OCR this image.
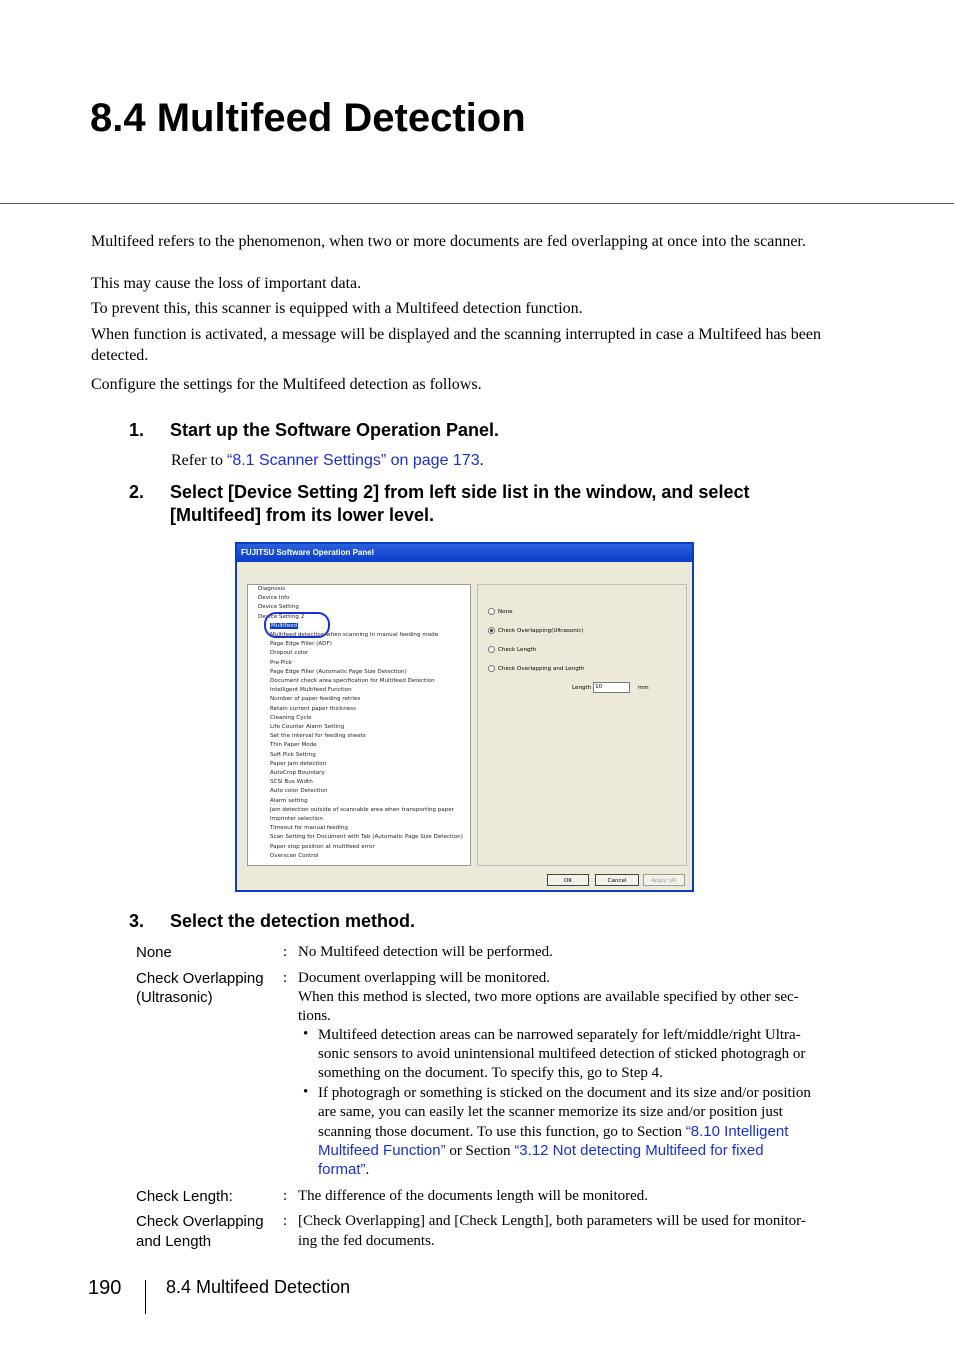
8.4 Multifeed Detection
Multifeed refers to the phenomenon, when two or more documents are fed overlapping at once into the scanner.
This may cause the loss of important data.
To prevent this, this scanner is equipped with a Multifeed detection function.
When function is activated, a message will be displayed and the scanning interrupted in case a Multifeed has been detected.
Configure the settings for the Multifeed detection as follows.
1. Start up the Software Operation Panel.
Refer to “8.1 Scanner Settings” on page 173.
2. Select [Device Setting 2] from left side list in the window, and select [Multifeed] from its lower level.
FUJITSU Software Operation Panel
Diagnosis
Device Info
Device Setting
Device Setting 2
Multifeed
Multifeed detection when scanning in manual feeding mode
Page Edge Filler (ADF)
Dropout color
Pre-Pick
Page Edge Filler (Automatic Page Size Detection)
Document check area specification for Multifeed Detection
Intelligent Multifeed Function
Number of paper feeding retries
Retain current paper thickness
Cleaning Cycle
Life Counter Alarm Setting
Set the interval for feeding sheets
Thin Paper Mode
Soft Pick Setting
Paper jam detection
AutoCrop Boundary
SCSI Bus Width
Auto color Detection
Alarm setting
Jam detection outside of scannable area when transporting paper
Imprinter selection
Timeout for manual feeding
Scan Setting for Document with Tab (Automatic Page Size Detection)
Paper stop position at multifeed error
Overscan Control
None
Check Overlapping(Ultrasonic)
Check Length
Check Overlapping and Length
Length 10	mm
OK	Cancel	Apply (A)
3. Select the detection method.
None	: No Multifeed detection will be performed.
Check Overlapping
(Ultrasonic)
: Document overlapping will be monitored.
When this method is slected, two more options are available specified by other sec-
tions.
• Multifeed detection areas can be narrowed separately for left/middle/right Ultra-
sonic sensors to avoid unintensional multifeed detection of sticked photogragh or
something on the document. To specify this, go to Step 4.
• If photogragh or something is sticked on the document and its size and/or position
are same, you can easily let the scanner memorize its size and/or position just
scanning those document. To use this function, go to Section “8.10 Intelligent
Multifeed Function” or Section “3.12 Not detecting Multifeed for fixed
format”.
Check Length:	: The difference of the documents length will be monitored.
Check Overlapping
and Length
: [Check Overlapping] and [Check Length], both parameters will be used for monitor-
ing the fed documents.
190 8.4 Multifeed Detection
